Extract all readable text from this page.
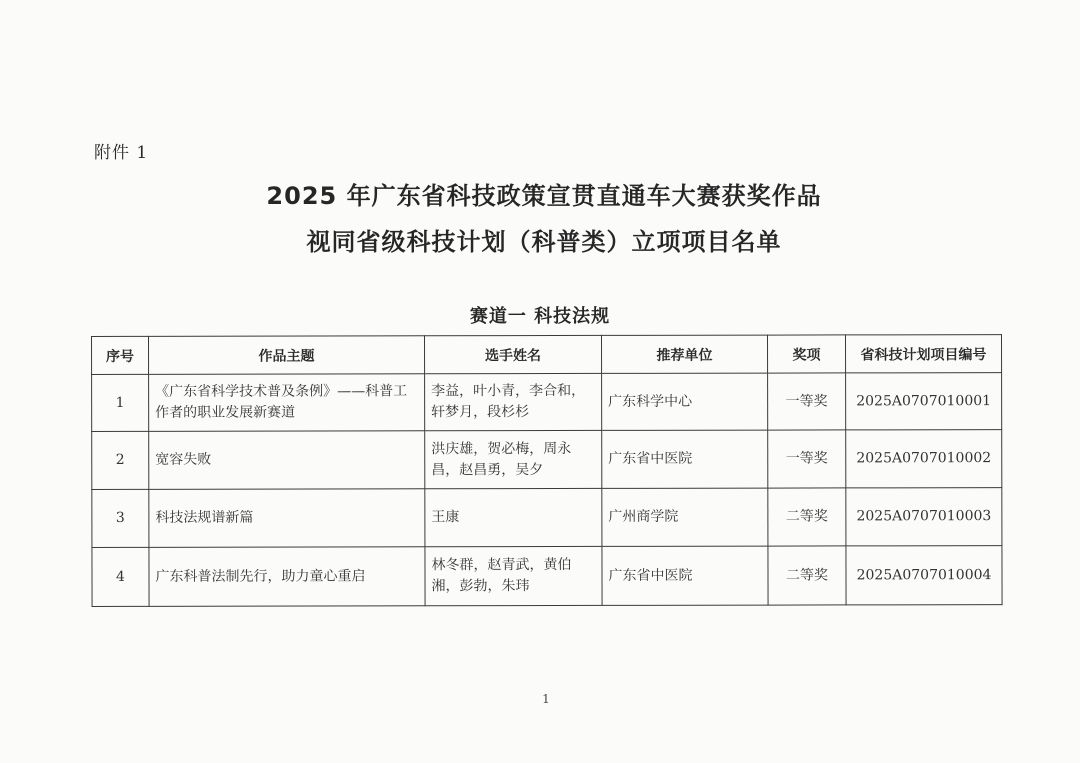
附件 1
2025 年广东省科技政策宣贯直通车大赛获奖作品
视同省级科技计划（科普类）立项项目名单
赛道一 科技法规
序号	作品主题	选手姓名	推荐单位	奖项	省科技计划项目编号
1	《广东省科学技术普及条例》——科普工作者的职业发展新赛道	李益，叶小青，李合和，轩梦月，段杉杉	广东科学中心	一等奖	2025A0707010001
2	宽容失败	洪庆雄，贺必梅，周永昌，赵昌勇，吴夕	广东省中医院	一等奖	2025A0707010002
3	科技法规谱新篇	王康	广州商学院	二等奖	2025A0707010003
4	广东科普法制先行，助力童心重启	林冬群，赵青武，黄伯湘，彭勃，朱玮	广东省中医院	二等奖	2025A0707010004
1
